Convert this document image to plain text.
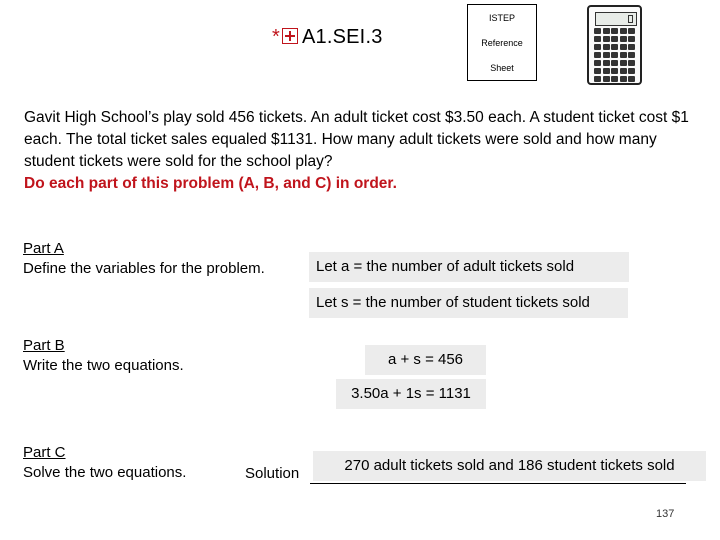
* A1.SEI.3
ISTEP
Reference
Sheet

Gavit High School’s play sold 456 tickets. An adult ticket cost $3.50 each. A student ticket cost $1 each. The total ticket sales equaled $1131. How many adult tickets were sold and how many student tickets were sold for the school play?

Do each part of this problem (A, B, and C) in order.

Part A
Define the variables for the problem.	Let a = the number of adult tickets sold
Let s = the number of student tickets sold
Part B
Write the two equations.	a + s = 456
3.50a + 1s = 1131
Part C
Solve the two equations.	Solution	270 adult tickets sold and 186 student tickets sold
137
